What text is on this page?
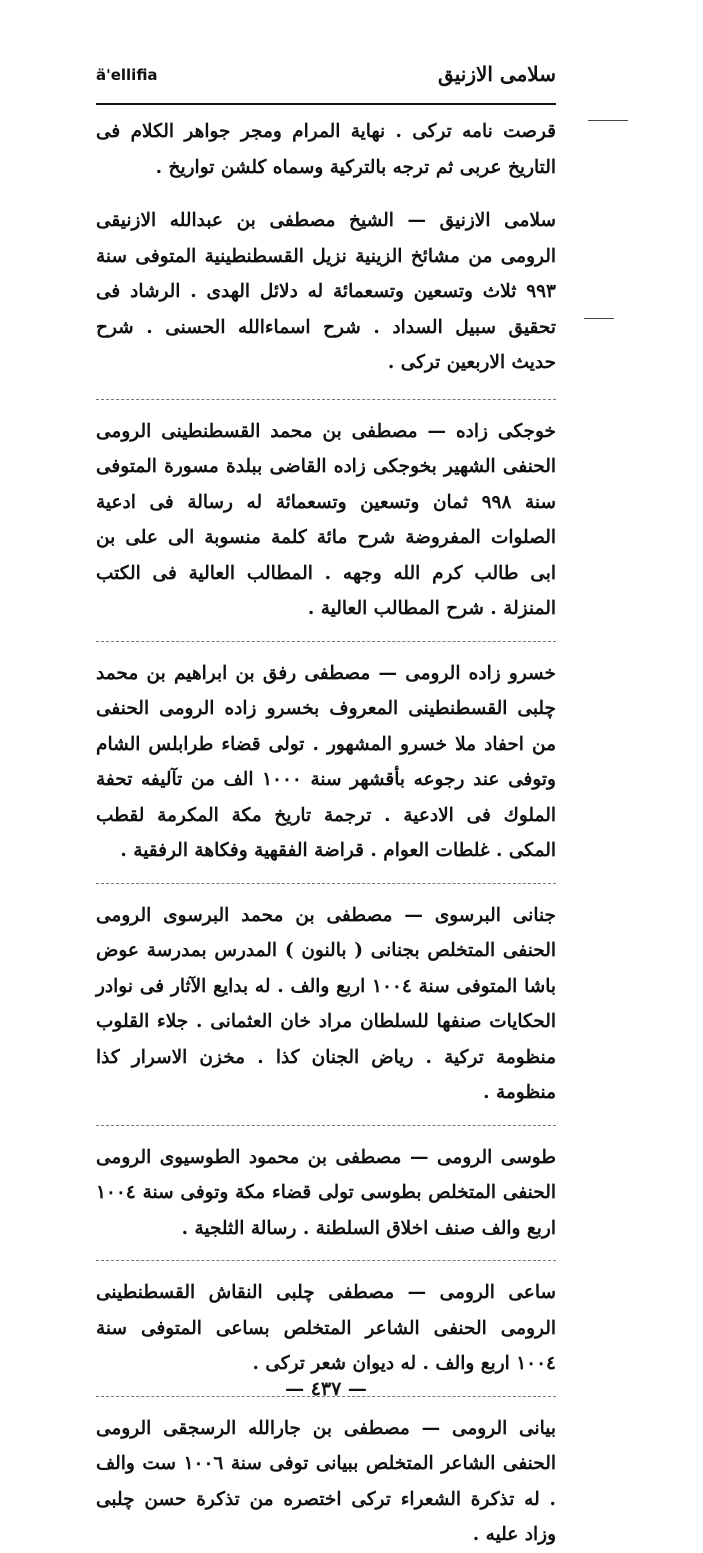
ä'ellifia	سلامى الازنيق

قرصت نامه تركى . نهاية المرام ومجر جواهر الكلام فى التاريخ عربى ثم ترجه بالتركية وسماه كلشن تواريخ .

سلامى الازنيق — الشيخ مصطفى بن عبدالله الازنيقى الرومى من مشائخ الزينية نزيل القسطنطينية المتوفى سنة ٩٩٣ ثلاث وتسعين وتسعمائة له دلائل الهدى . الرشاد فى تحقيق سبيل السداد . شرح اسماءالله الحسنى . شرح حديث الاربعين تركى .

خوجكى زاده — مصطفى بن محمد القسطنطينى الرومى الحنفى الشهير بخوجكى زاده القاضى ببلدة مسورة المتوفى سنة ٩٩٨ ثمان وتسعين وتسعمائة له رسالة فى ادعية الصلوات المفروضة شرح مائة كلمة منسوبة الى على بن ابى طالب كرم الله وجهه . المطالب العالية فى الكتب المنزلة . شرح المطالب العالية .

خسرو زاده الرومى — مصطفى رفق بن ابراهيم بن محمد چلبى القسطنطينى المعروف بخسرو زاده الرومى الحنفى من احفاد ملا خسرو المشهور . تولى قضاء طرابلس الشام وتوفى عند رجوعه بأقشهر سنة ١٠٠٠ الف من تآليفه تحفة الملوك فى الادعية . ترجمة تاريخ مكة المكرمة لقطب المكى . غلطات العوام . قراضة الفقهية وفكاهة الرفقية .

جنانى البرسوى — مصطفى بن محمد البرسوى الرومى الحنفى المتخلص بجنانى ( بالنون ) المدرس بمدرسة عوض باشا المتوفى سنة ١٠٠٤ اربع والف . له بدايع الآثار فى نوادر الحكايات صنفها للسلطان مراد خان العثمانى . جلاء القلوب منظومة تركية . رياض الجنان كذا . مخزن الاسرار كذا منظومة .

طوسى الرومى — مصطفى بن محمود الطوسيوى الرومى الحنفى المتخلص بطوسى تولى قضاء مكة وتوفى سنة ١٠٠٤ اربع والف صنف اخلاق السلطنة . رسالة الثلجية .

ساعى الرومى — مصطفى چلبى النقاش القسطنطينى الرومى الحنفى الشاعر المتخلص بساعى المتوفى سنة ١٠٠٤ اربع والف . له ديوان شعر تركى .

بيانى الرومى — مصطفى بن جارالله الرسجقى الرومى الحنفى الشاعر المتخلص ببيانى توفى سنة ١٠٠٦ ست والف . له تذكرة الشعراء تركى اختصره من تذكرة حسن چلبى وزاد عليه .

— ٤٣٧ —
